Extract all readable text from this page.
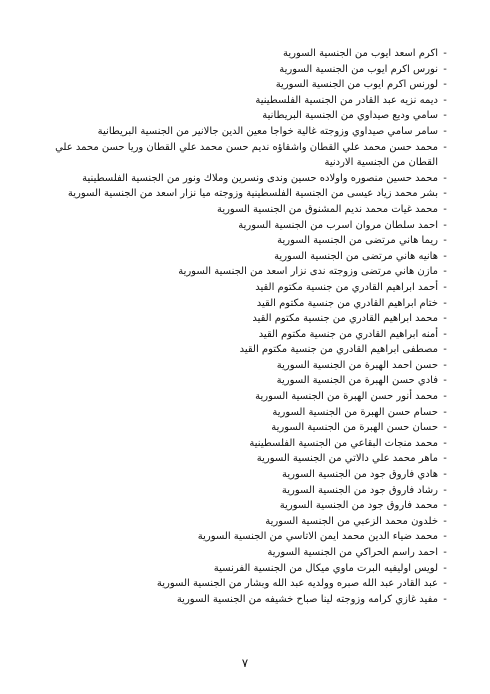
-
اكرم اسعد ايوب من الجنسية السورية
-
نورس اكرم ايوب من الجنسية السورية
-
لورنس اكرم ايوب من الجنسية السورية
-
ديمه نزيه عبد القادر من الجنسية الفلسطينية
-
سامي وديع صيداوي من الجنسية البريطانية
-
سامر سامي صيداوي وزوجته غالية خواجا معين الدين جالانير من الجنسية البريطانية
-
محمد حسن محمد علي القطان واشقاؤه نديم حسن محمد علي القطان وريا حسن محمد علي القطان من الجنسية الاردنية
-
محمد حسين منصوره واولاده حسين وندى ونسرين وملاك ونور من الجنسية الفلسطينية
-
بشر محمد زياد عيسى من الجنسية الفلسطينية وزوجته ميا نزار اسعد من الجنسية السورية
-
محمد غيات محمد نديم المشنوق من الجنسية السورية
-
احمد سلطان مروان اسرب من الجنسية السورية
-
ريما هاني مرتضى من الجنسية السورية
-
هانيه هاني مرتضى من الجنسية السورية
-
مازن هاني مرتضى وزوجته ندى نزار اسعد من الجنسية السورية
-
أحمد ابراهيم القادري من جنسية مكتوم القيد
-
ختام ابراهيم القادري من جنسية مكتوم القيد
-
محمد ابراهيم القادري من جنسية مكتوم القيد
-
أمنه ابراهيم القادري من جنسية مكتوم القيد
-
مصطفى ابراهيم القادري من جنسية مكتوم القيد
-
حسن احمد الهبرة من الجنسية السورية
-
فادي حسن الهبرة من الجنسية السورية
-
محمد أنور حسن الهبرة من الجنسية السورية
-
حسام حسن الهبرة من الجنسية السورية
-
حسان حسن الهبرة من الجنسية السورية
-
محمد منجات البقاعي من الجنسية الفلسطينية
-
ماهر محمد علي دالاتي من الجنسية السورية
-
هادي فاروق جود من الجنسية السورية
-
رشاد فاروق جود من الجنسية السورية
-
محمد فاروق جود من الجنسية السورية
-
خلدون محمد الزعبي من الجنسية السورية
-
محمد ضياء الدين محمد ايمن الاتاسي من الجنسية السورية
-
احمد راسم الحراكي من الجنسية السورية
-
لويس اوليفيه البرت ماوي ميكال من الجنسية الفرنسية
-
عبد القادر عبد الله صبره وولديه عبد الله وبشار من الجنسية السورية
-
مفيد غازي كرامه وزوجته لينا صباح خشيفه من الجنسية السورية
٧
